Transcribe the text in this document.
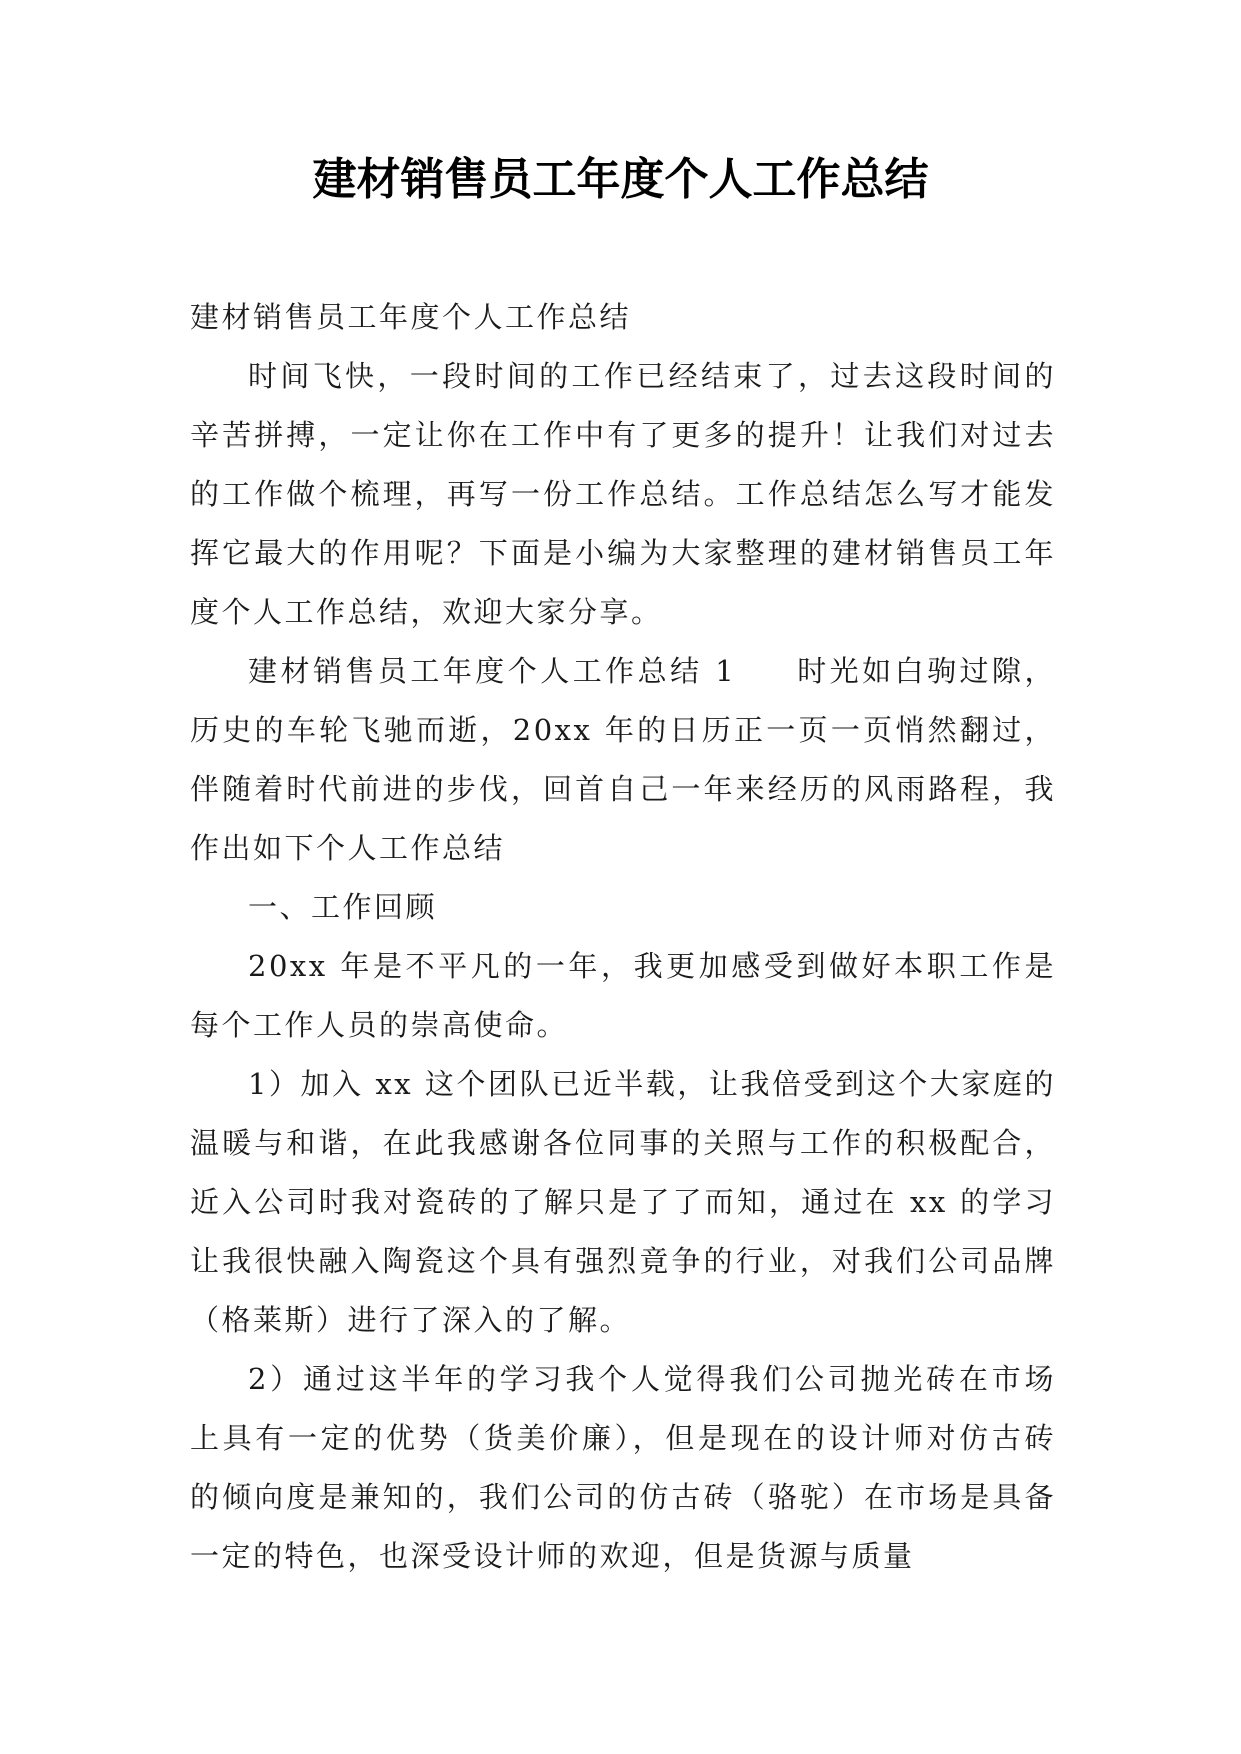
建材销售员工年度个人工作总结

建材销售员工年度个人工作总结

时间飞快，一段时间的工作已经结束了，过去这段时间的辛苦拼搏，一定让你在工作中有了更多的提升！让我们对过去的工作做个梳理，再写一份工作总结。工作总结怎么写才能发挥它最大的作用呢？下面是小编为大家整理的建材销售员工年度个人工作总结，欢迎大家分享。

建材销售员工年度个人工作总结 1 时光如白驹过隙，历史的车轮飞驰而逝，20xx 年的日历正一页一页悄然翻过，伴随着时代前进的步伐，回首自己一年来经历的风雨路程，我作出如下个人工作总结

一、工作回顾

20xx 年是不平凡的一年，我更加感受到做好本职工作是每个工作人员的崇高使命。

1）加入 xx 这个团队已近半载，让我倍受到这个大家庭的温暖与和谐，在此我感谢各位同事的关照与工作的积极配合，近入公司时我对瓷砖的了解只是了了而知，通过在 xx 的学习让我很快融入陶瓷这个具有强烈竟争的行业，对我们公司品牌（格莱斯）进行了深入的了解。

2）通过这半年的学习我个人觉得我们公司抛光砖在市场上具有一定的优势（货美价廉），但是现在的设计师对仿古砖的倾向度是兼知的，我们公司的仿古砖（骆驼）在市场是具备一定的特色，也深受设计师的欢迎，但是货源与质量
